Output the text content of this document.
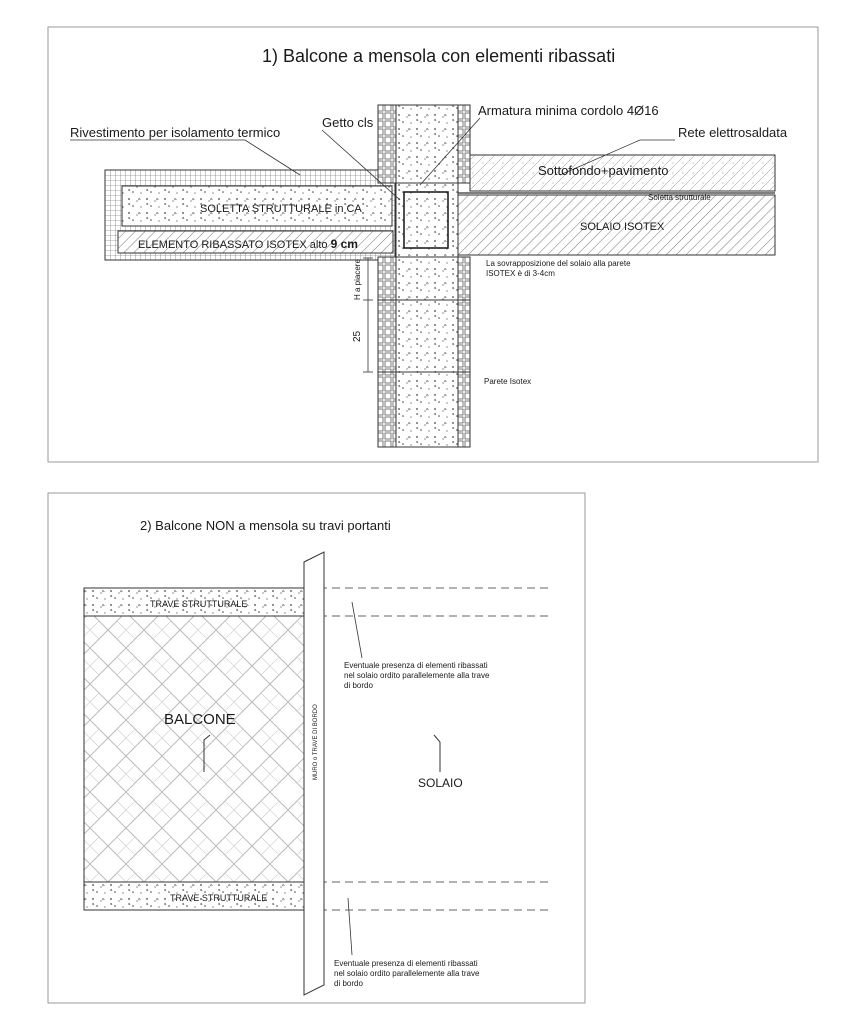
1) Balcone a mensola con elementi ribassati
H a piacere
25
Rivestimento per isolamento termico
Getto cls
Armatura minima cordolo 4Ø16
Rete elettrosaldata
Sottofondo+pavimento
Soletta strutturale
SOLETTA STRUTTURALE in CA
SOLAIO ISOTEX
ELEMENTO RIBASSATO ISOTEX alto 9 cm
La sovrapposizione del solaio alla parete
ISOTEX è di 3-4cm
Parete Isotex
2) Balcone NON a mensola su travi portanti
MURO o TRAVE DI BORDO
TRAVE STRUTTURALE
TRAVE STRUTTURALE
BALCONE
SOLAIO
Eventuale presenza di elementi ribassati
nel solaio ordito parallelemente alla trave
di bordo
Eventuale presenza di elementi ribassati
nel solaio ordito parallelemente alla trave
di bordo
